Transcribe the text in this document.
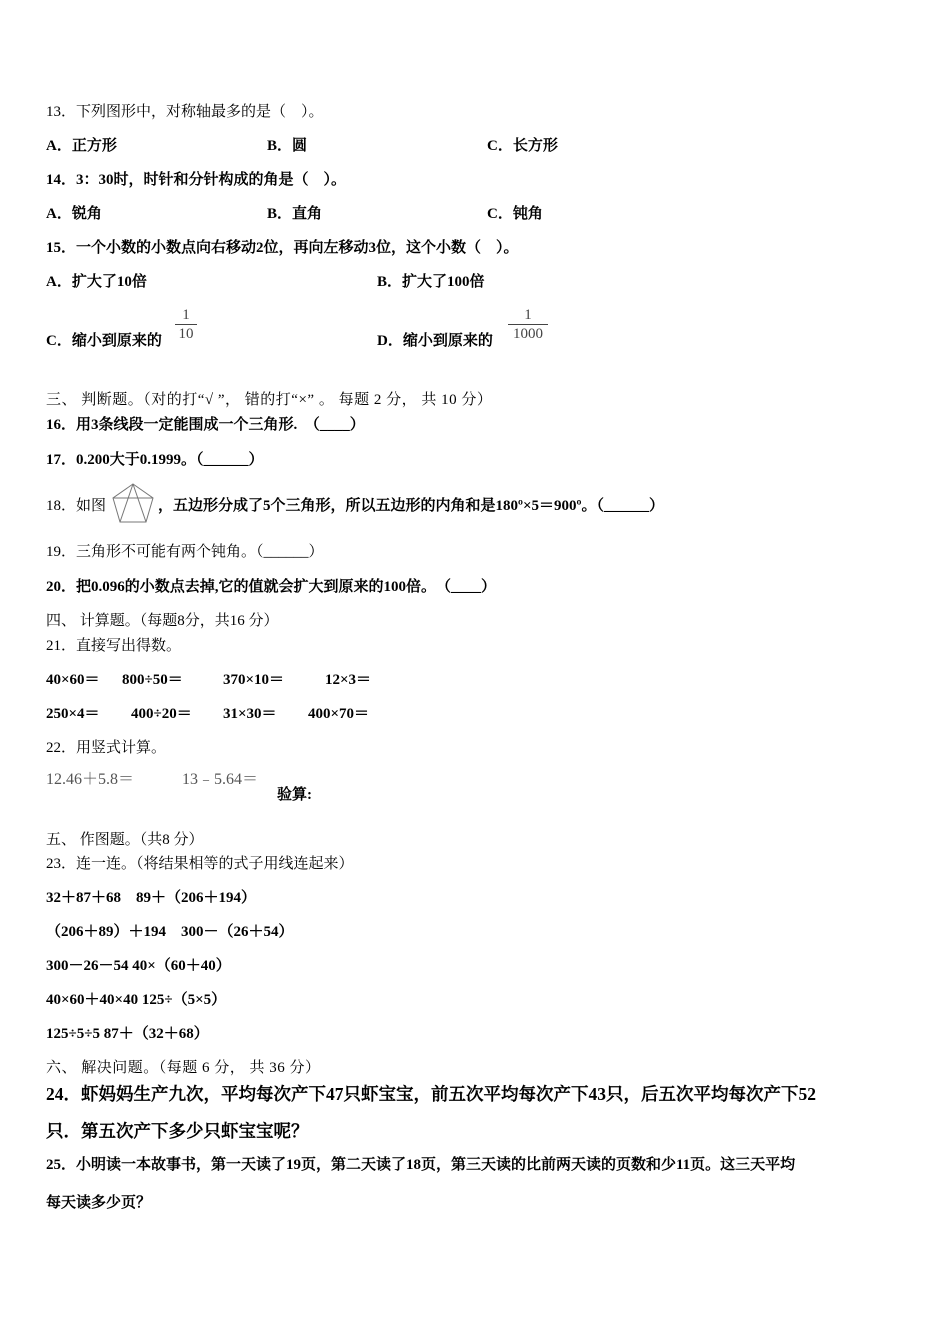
13．下列图形中，对称轴最多的是（　）。
A．正方形	B．圆	C．长方形
14．3：30时，时针和分针构成的角是（　）。
A．锐角	B．直角	C．钝角
15．一个小数的小数点向右移动2位，再向左移动3位，这个小数（　）。
A．扩大了10倍	B．扩大了100倍
C．缩小到原来的
1
10	D．缩小到原来的
1
1000
三、 判断题。（对的打“√ ”， 错的打“×” 。 每题 2 分， 共 10 分）
16．用3条线段一定能围成一个三角形.　（____）
17．0.200大于0.1999。（______）
18．如图	，五边形分成了5个三角形，所以五边形的内角和是180º×5＝900º。（______）
19．三角形不可能有两个钝角。（______）
20．把0.096的小数点去掉,它的值就会扩大到原来的100倍。　（____）
四、 计算题。（每题8分，共16 分）
21．直接写出得数。
40×60＝ 800÷50＝	370×10＝	12×3＝
250×4＝ 400÷20＝ 31×30＝ 400×70＝
22．用竖式计算。
12.46＋5.8＝	13﹣5.64＝
验算:
五、 作图题。（共8 分）
23．连一连。（将结果相等的式子用线连起来）
32＋87＋68　89＋（206＋194）
（206＋89）＋194　300－（26＋54）
300－26－54 40×（60＋40）
40×60＋40×40 125÷（5×5）
125÷5÷5 87＋（32＋68）
六、 解决问题。（每题 6 分， 共 36 分）
24．虾妈妈生产九次，平均每次产下47只虾宝宝，前五次平均每次产下43只，后五次平均每次产下52
只．第五次产下多少只虾宝宝呢？
25．小明读一本故事书，第一天读了19页，第二天读了18页，第三天读的比前两天读的页数和少11页。这三天平均
每天读多少页？
